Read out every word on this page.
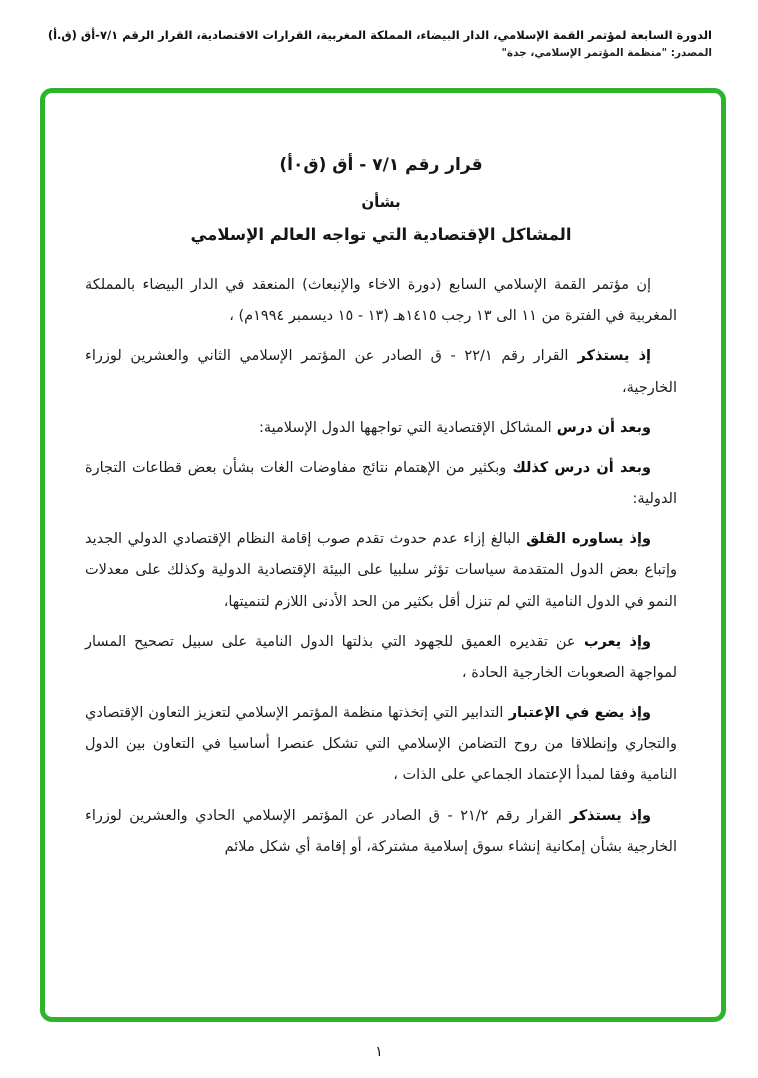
الدورة السابعة لمؤتمر القمة الإسلامي، الدار البيضاء، المملكة المغربية، القرارات الاقتصادية، القرار الرقم ٧/١-أق (ق.أ)
المصدر: "منظمة المؤتمر الإسلامي، جدة"
قرار رقم ٧/١ - أق (ق٠أ)
بشأن
المشاكل الإقتصادية التي تواجه العالم الإسلامي

إن مؤتمر القمة الإسلامي السابع (دورة الاخاء والإنبعاث) المنعقد في الدار البيضاء بالمملكة المغربية في الفترة من ١١ الى ١٣ رجب ١٤١٥هـ (١٣ - ١٥ ديسمبر ١٩٩٤م) ،

إذ يستذكر القرار رقم ٢٢/١ - ق الصادر عن المؤتمر الإسلامي الثاني والعشرين لوزراء الخارجية،

وبعد أن درس المشاكل الإقتصادية التي تواجهها الدول الإسلامية:

وبعد أن درس كذلك وبكثير من الإهتمام نتائج مفاوضات الغات بشأن بعض قطاعات التجارة الدولية:

وإذ يساوره القلق البالغ إزاء عدم حدوث تقدم صوب إقامة النظام الإقتصادي الدولي الجديد وإتباع بعض الدول المتقدمة سياسات تؤثر سلبيا على البيئة الإقتصادية الدولية وكذلك على معدلات النمو في الدول النامية التي لم تنزل أقل بكثير من الحد الأدنى اللازم لتنميتها،

وإذ يعرب عن تقديره العميق للجهود التي بذلتها الدول النامية على سبيل تصحيح المسار لمواجهة الصعوبات الخارجية الحادة ،

وإذ يضع في الإعتبار التدابير التي إتخذتها منظمة المؤتمر الإسلامي لتعزيز التعاون الإقتصادي والتجاري وإنطلاقا من روح التضامن الإسلامي التي تشكل عنصرا أساسيا في التعاون بين الدول النامية وفقا لمبدأ الإعتماد الجماعي على الذات ،

وإذ يستذكر القرار رقم ٢١/٢ - ق الصادر عن المؤتمر الإسلامي الحادي والعشرين لوزراء الخارجية بشأن إمكانية إنشاء سوق إسلامية مشتركة، أو إقامة أي شكل ملائم

١
